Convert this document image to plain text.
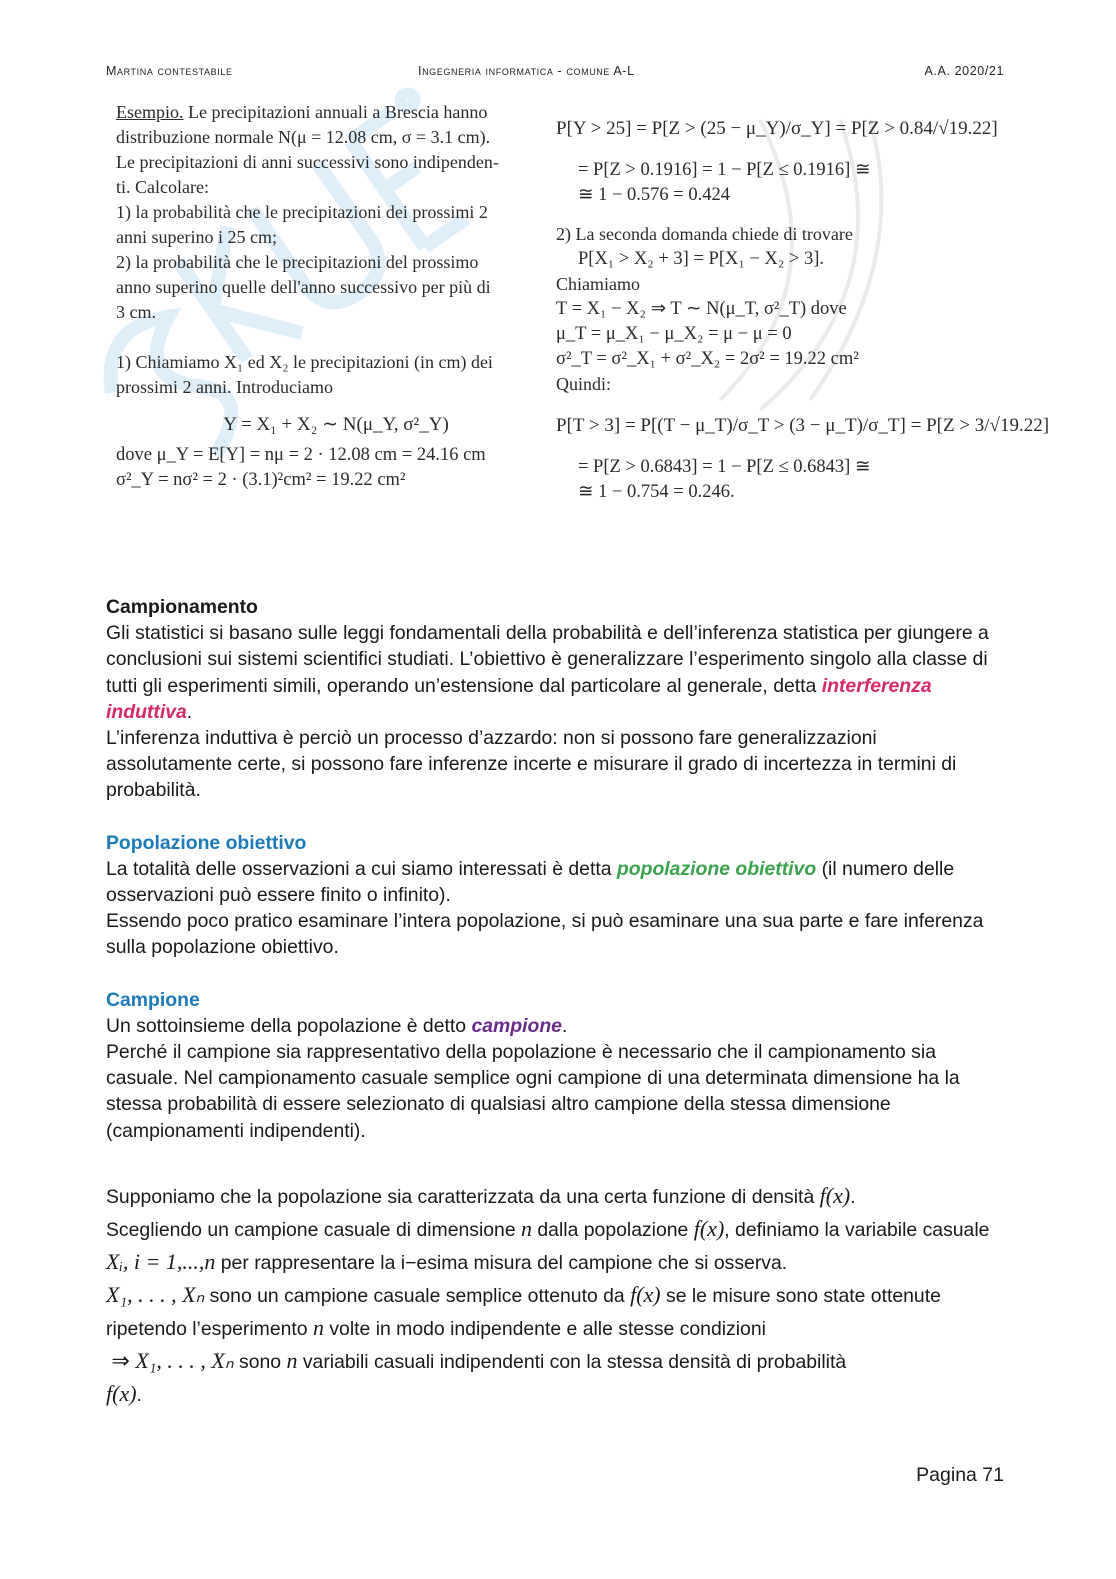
Martina contestabile	Ingegneria informatica - comune A-L	A.A. 2020/21

Esempio. Le precipitazioni annuali a Brescia hanno

distribuzione normale N(μ = 12.08 cm, σ = 3.1 cm).

Le precipitazioni di anni successivi sono indipenden-

ti. Calcolare:

1) la probabilità che le precipitazioni dei prossimi 2

anni superino i 25 cm;

2) la probabilità che le precipitazioni del prossimo

anno superino quelle dell'anno successivo per più di

3 cm.

1) Chiamiamo X₁ ed X₂ le precipitazioni (in cm) dei

prossimi 2 anni. Introduciamo

Y = X₁ + X₂ ∼ N(μ_Y, σ²_Y)

dove μ_Y = E[Y] = nμ = 2 · 12.08 cm = 24.16 cm

σ²_Y = nσ² = 2 · (3.1)²cm² = 19.22 cm²

P[Y > 25] = P[Z > (25 − μ_Y)/σ_Y] = P[Z > 0.84/√19.22]

= P[Z > 0.1916] = 1 − P[Z ≤ 0.1916] ≅

≅ 1 − 0.576 = 0.424

2) La seconda domanda chiede di trovare

P[X₁ > X₂ + 3] = P[X₁ − X₂ > 3].

Chiamiamo

T = X₁ − X₂ ⇒ T ∼ N(μ_T, σ²_T) dove

μ_T = μ_X₁ − μ_X₂ = μ − μ = 0

σ²_T = σ²_X₁ + σ²_X₂ = 2σ² = 19.22 cm²

Quindi:

P[T > 3] = P[(T − μ_T)/σ_T > (3 − μ_T)/σ_T] = P[Z > 3/√19.22]

= P[Z > 0.6843] = 1 − P[Z ≤ 0.6843] ≅

≅ 1 − 0.754 = 0.246.

Campionamento

Gli statistici si basano sulle leggi fondamentali della probabilità e dell’inferenza statistica per giungere a conclusioni sui sistemi scientifici studiati. L’obiettivo è generalizzare l’esperimento singolo alla classe di tutti gli esperimenti simili, operando un’estensione dal particolare al generale, detta interferenza induttiva.

L’inferenza induttiva è perciò un processo d’azzardo: non si possono fare generalizzazioni assolutamente certe, si possono fare inferenze incerte e misurare il grado di incertezza in termini di probabilità.

Popolazione obiettivo

La totalità delle osservazioni a cui siamo interessati è detta popolazione obiettivo (il numero delle osservazioni può essere finito o infinito).

Essendo poco pratico esaminare l’intera popolazione, si può esaminare una sua parte e fare inferenza sulla popolazione obiettivo.

Campione

Un sottoinsieme della popolazione è detto campione.

Perché il campione sia rappresentativo della popolazione è necessario che il campionamento sia casuale. Nel campionamento casuale semplice ogni campione di una determinata dimensione ha la stessa probabilità di essere selezionato di qualsiasi altro campione della stessa dimensione (campionamenti indipendenti).

Supponiamo che la popolazione sia caratterizzata da una certa funzione di densità f(x).

Scegliendo un campione casuale di dimensione n dalla popolazione f(x), definiamo la variabile casuale Xᵢ, i = 1,...,n per rappresentare la i−esima misura del campione che si osserva.

X₁, . . . , Xₙ sono un campione casuale semplice ottenuto da f(x) se le misure sono state ottenute ripetendo l’esperimento n volte in modo indipendente e alle stesse condizioni

⇒ X₁, . . . , Xₙ sono n variabili casuali indipendenti con la stessa densità di probabilità

f(x).

Pagina 71
